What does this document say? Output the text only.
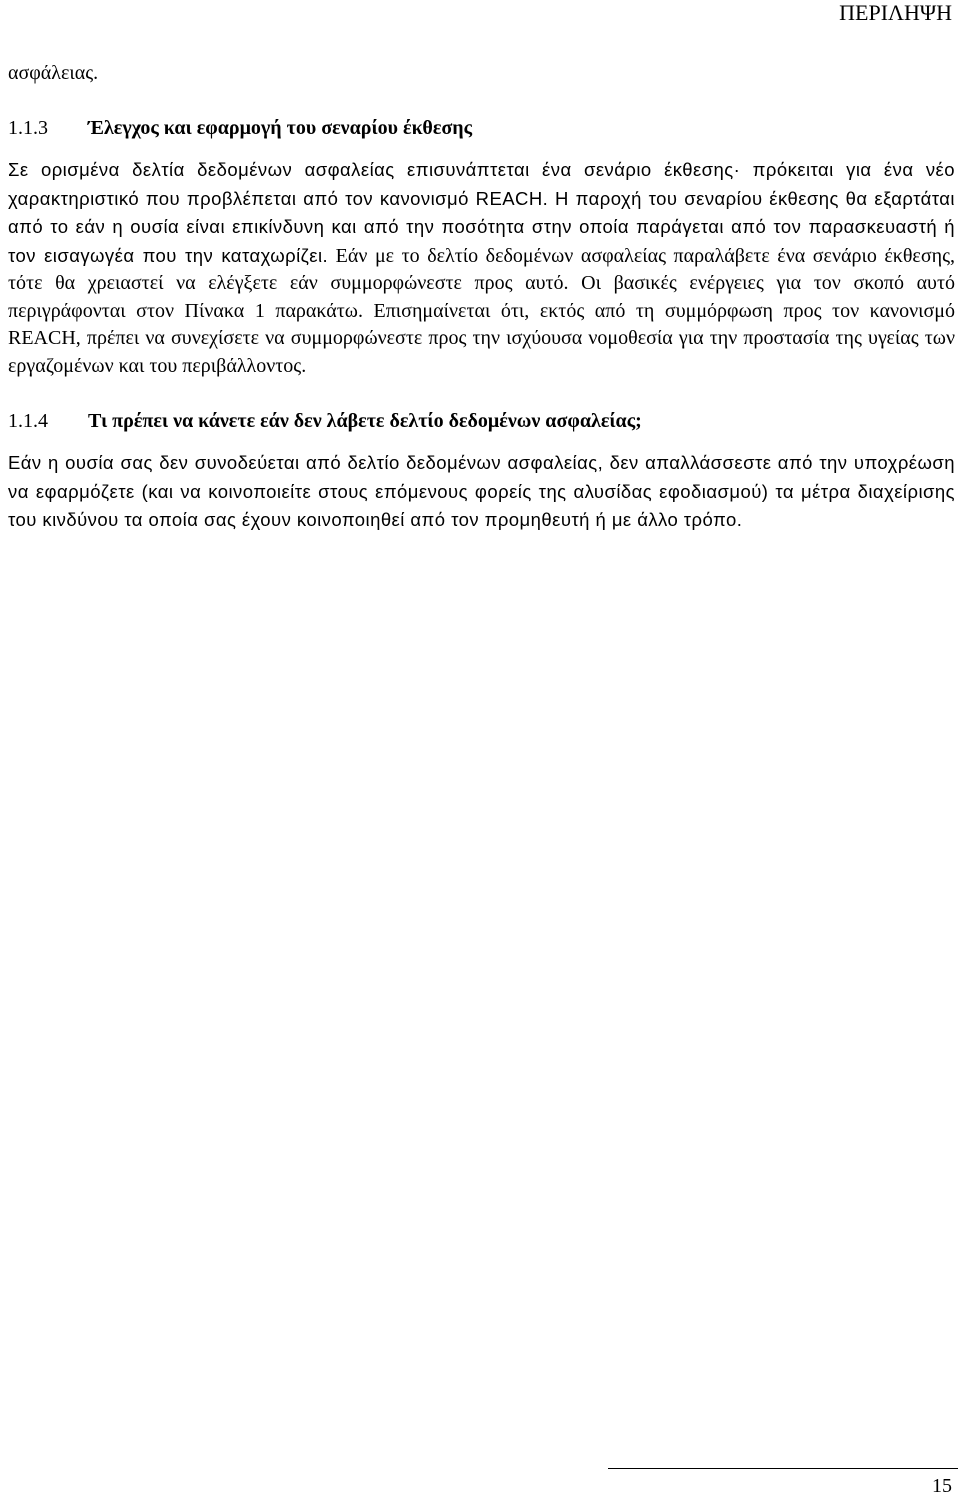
ΠΕΡΙΛΗΨΗ

ασφάλειας.

1.1.3	Έλεγχος και εφαρμογή του σεναρίου έκθεσης

Σε ορισμένα δελτία δεδομένων ασφαλείας επισυνάπτεται ένα σενάριο έκθεσης· πρόκειται για ένα νέο χαρακτηριστικό που προβλέπεται από τον κανονισμό REACH. Η παροχή του σεναρίου έκθεσης θα εξαρτάται από το εάν η ουσία είναι επικίνδυνη και από την ποσότητα στην οποία παράγεται από τον παρασκευαστή ή τον εισαγωγέα που την καταχωρίζει. Εάν με το δελτίο δεδομένων ασφαλείας παραλάβετε ένα σενάριο έκθεσης, τότε θα χρειαστεί να ελέγξετε εάν συμμορφώνεστε προς αυτό. Οι βασικές ενέργειες για τον σκοπό αυτό περιγράφονται στον Πίνακα 1 παρακάτω. Επισημαίνεται ότι, εκτός από τη συμμόρφωση προς τον κανονισμό REACH, πρέπει να συνεχίσετε να συμμορφώνεστε προς την ισχύουσα νομοθεσία για την προστασία της υγείας των εργαζομένων και του περιβάλλοντος.

1.1.4	Τι πρέπει να κάνετε εάν δεν λάβετε δελτίο δεδομένων ασφαλείας;

Εάν η ουσία σας δεν συνοδεύεται από δελτίο δεδομένων ασφαλείας, δεν απαλλάσσεστε από την υποχρέωση να εφαρμόζετε (και να κοινοποιείτε στους επόμενους φορείς της αλυσίδας εφοδιασμού) τα μέτρα διαχείρισης του κινδύνου τα οποία σας έχουν κοινοποιηθεί από τον προμηθευτή ή με άλλο τρόπο.

15
